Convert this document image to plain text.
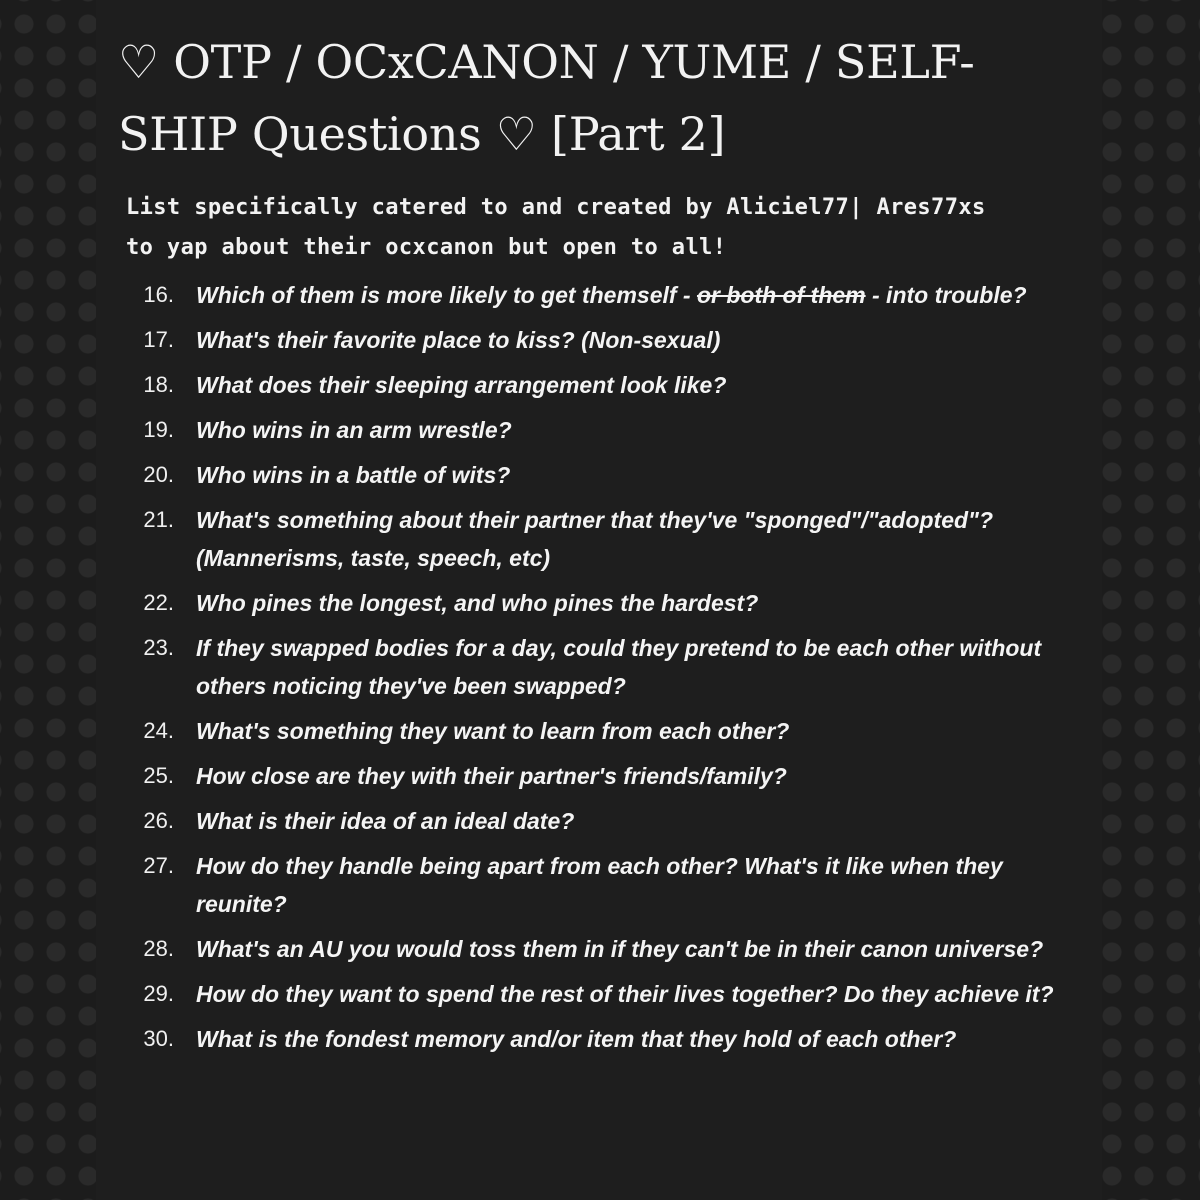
♡ OTP / OCxCANON / YUME / SELF-SHIP Questions ♡ [Part 2]
List specifically catered to and created by Aliciel77| Ares77xs to yap about their ocxcanon but open to all!
16. Which of them is more likely to get themself - or both of them - into trouble?
17. What's their favorite place to kiss? (Non-sexual)
18. What does their sleeping arrangement look like?
19. Who wins in an arm wrestle?
20. Who wins in a battle of wits?
21. What's something about their partner that they've "sponged"/"adopted"? (Mannerisms, taste, speech, etc)
22. Who pines the longest, and who pines the hardest?
23. If they swapped bodies for a day, could they pretend to be each other without others noticing they've been swapped?
24. What's something they want to learn from each other?
25. How close are they with their partner's friends/family?
26. What is their idea of an ideal date?
27. How do they handle being apart from each other? What's it like when they reunite?
28. What's an AU you would toss them in if they can't be in their canon universe?
29. How do they want to spend the rest of their lives together? Do they achieve it?
30. What is the fondest memory and/or item that they hold of each other?
